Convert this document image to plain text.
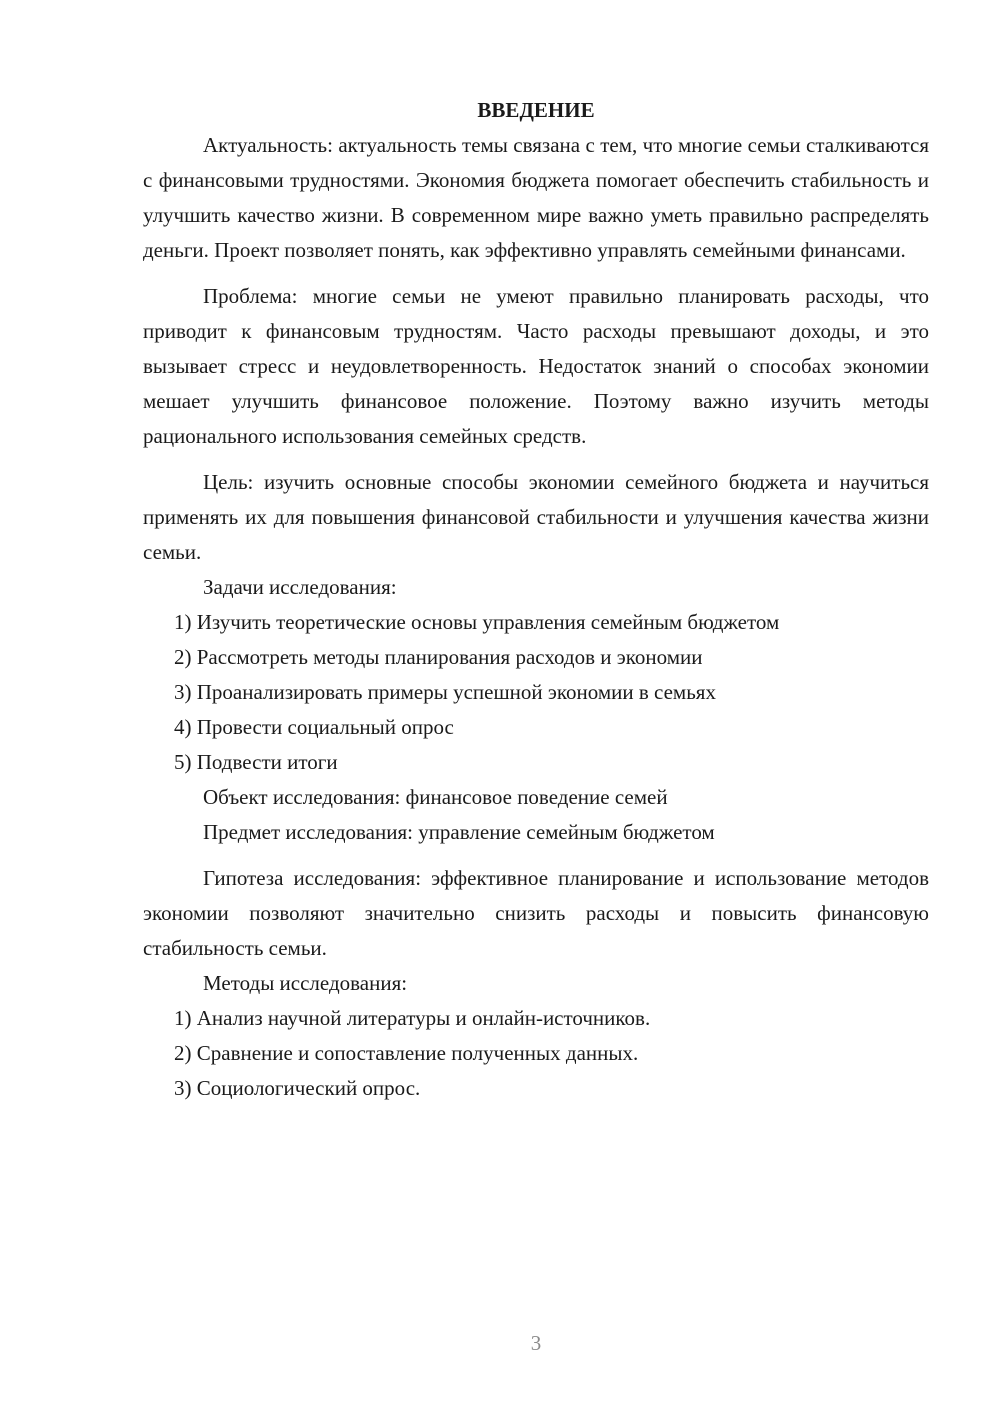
ВВЕДЕНИЕ

Актуальность: актуальность темы связана с тем, что многие семьи сталкиваются с финансовыми трудностями. Экономия бюджета помогает обеспечить стабильность и улучшить качество жизни. В современном мире важно уметь правильно распределять деньги. Проект позволяет понять, как эффективно управлять семейными финансами.

Проблема: многие семьи не умеют правильно планировать расходы, что приводит к финансовым трудностям. Часто расходы превышают доходы, и это вызывает стресс и неудовлетворенность. Недостаток знаний о способах экономии мешает улучшить финансовое положение. Поэтому важно изучить методы рационального использования семейных средств.

Цель: изучить основные способы экономии семейного бюджета и научиться применять их для повышения финансовой стабильности и улучшения качества жизни семьи.

Задачи исследования:

1) Изучить теоретические основы управления семейным бюджетом

2) Рассмотреть методы планирования расходов и экономии

3) Проанализировать примеры успешной экономии в семьях

4) Провести социальный опрос

5) Подвести итоги

Объект исследования: финансовое поведение семей

Предмет исследования: управление семейным бюджетом

Гипотеза исследования: эффективное планирование и использование методов экономии позволяют значительно снизить расходы и повысить финансовую стабильность семьи.

Методы исследования:

1) Анализ научной литературы и онлайн-источников.

2) Сравнение и сопоставление полученных данных.

3) Социологический опрос.

3
